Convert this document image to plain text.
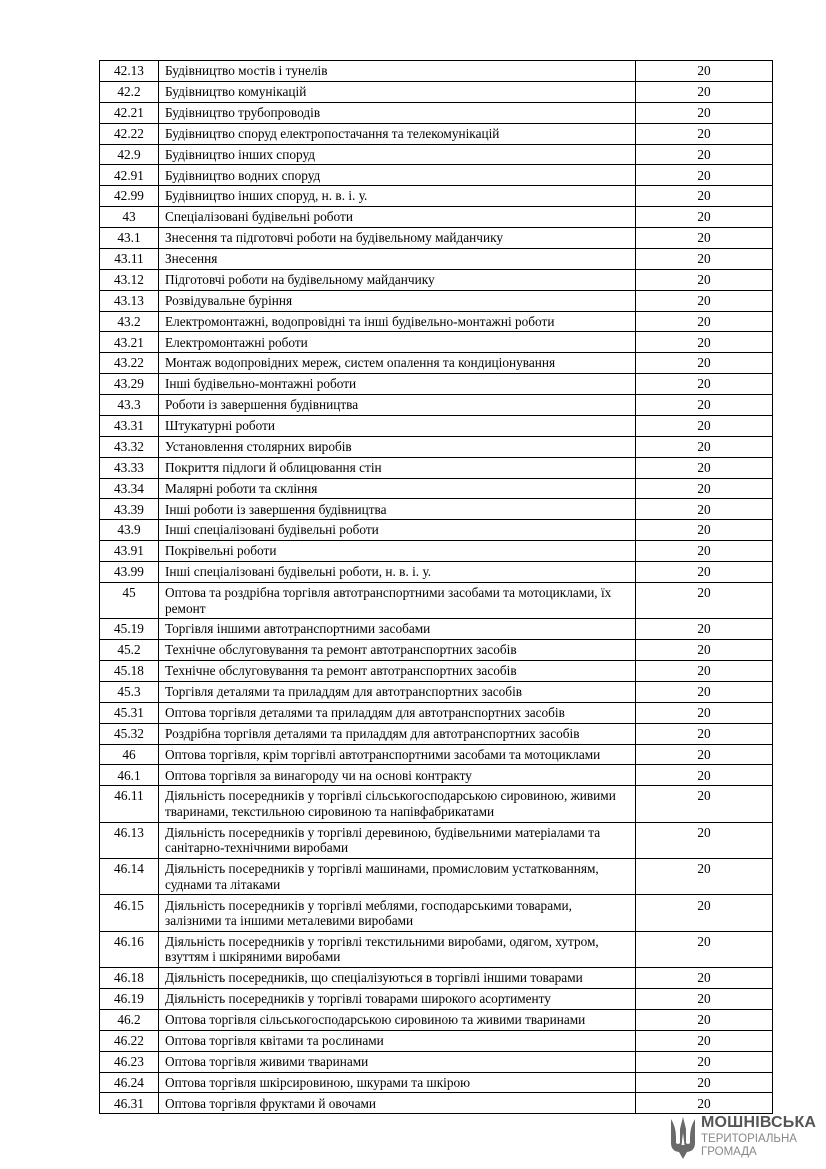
42.13	Будівництво мостів і тунелів	20
42.2	Будівництво комунікацій	20
42.21	Будівництво трубопроводів	20
42.22	Будівництво споруд електропостачання та телекомунікацій	20
42.9	Будівництво інших споруд	20
42.91	Будівництво водних споруд	20
42.99	Будівництво інших споруд, н. в. і. у.	20
43	Спеціалізовані будівельні роботи	20
43.1	Знесення та підготовчі роботи на будівельному майданчику	20
43.11	Знесення	20
43.12	Підготовчі роботи на будівельному майданчику	20
43.13	Розвідувальне буріння	20
43.2	Електромонтажні, водопровідні та інші будівельно-монтажні роботи	20
43.21	Електромонтажні роботи	20
43.22	Монтаж водопровідних мереж, систем опалення та кондиціонування	20
43.29	Інші будівельно-монтажні роботи	20
43.3	Роботи із завершення будівництва	20
43.31	Штукатурні роботи	20
43.32	Установлення столярних виробів	20
43.33	Покриття підлоги й облицювання стін	20
43.34	Малярні роботи та скління	20
43.39	Інші роботи із завершення будівництва	20
43.9	Інші спеціалізовані будівельні роботи	20
43.91	Покрівельні роботи	20
43.99	Інші спеціалізовані будівельні роботи, н. в. і. у.	20
45	Оптова та роздрібна торгівля автотранспортними засобами та мотоциклами, їх ремонт	20
45.19	Торгівля іншими автотранспортними засобами	20
45.2	Технічне обслуговування та ремонт автотранспортних засобів	20
45.18	Технічне обслуговування та ремонт автотранспортних засобів	20
45.3	Торгівля деталями та приладдям для автотранспортних засобів	20
45.31	Оптова торгівля деталями та приладдям для автотранспортних засобів	20
45.32	Роздрібна торгівля деталями та приладдям для автотранспортних засобів	20
46	Оптова торгівля, крім торгівлі автотранспортними засобами та мотоциклами	20
46.1	Оптова торгівля за винагороду чи на основі контракту	20
46.11	Діяльність посередників у торгівлі сільськогосподарською сировиною, живими тваринами, текстильною сировиною та напівфабрикатами	20
46.13	Діяльність посередників у торгівлі деревиною, будівельними матеріалами та санітарно-технічними виробами	20
46.14	Діяльність посередників у торгівлі машинами, промисловим устаткованням, суднами та літаками	20
46.15	Діяльність посередників у торгівлі меблями, господарськими товарами, залізними та іншими металевими виробами	20
46.16	Діяльність посередників у торгівлі текстильними виробами, одягом, хутром, взуттям і шкіряними виробами	20
46.18	Діяльність посередників, що спеціалізуються в торгівлі іншими товарами	20
46.19	Діяльність посередників у торгівлі товарами широкого асортименту	20
46.2	Оптова торгівля сільськогосподарською сировиною та живими тваринами	20
46.22	Оптова торгівля квітами та рослинами	20
46.23	Оптова торгівля живими тваринами	20
46.24	Оптова торгівля шкірсировиною, шкурами та шкірою	20
46.31	Оптова торгівля фруктами й овочами	20
МОШНІВСЬКА
ТЕРИТОРІАЛЬНА
ГРОМАДА
